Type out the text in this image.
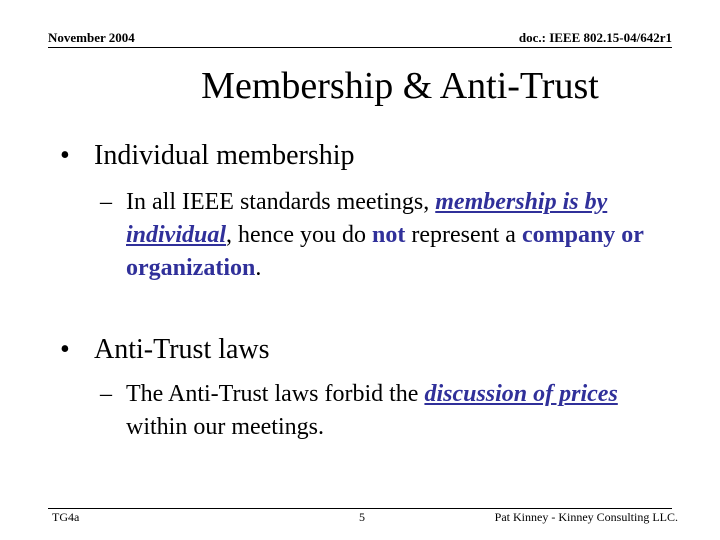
November 2004	doc.: IEEE 802.15-04/642r1
Membership & Anti-Trust
• Individual membership
– In all IEEE standards meetings, membership is by individual, hence you do not represent a company or organization.
• Anti-Trust laws
– The Anti-Trust laws forbid the discussion of prices within our meetings.
TG4a	5	Pat Kinney - Kinney Consulting LLC.
